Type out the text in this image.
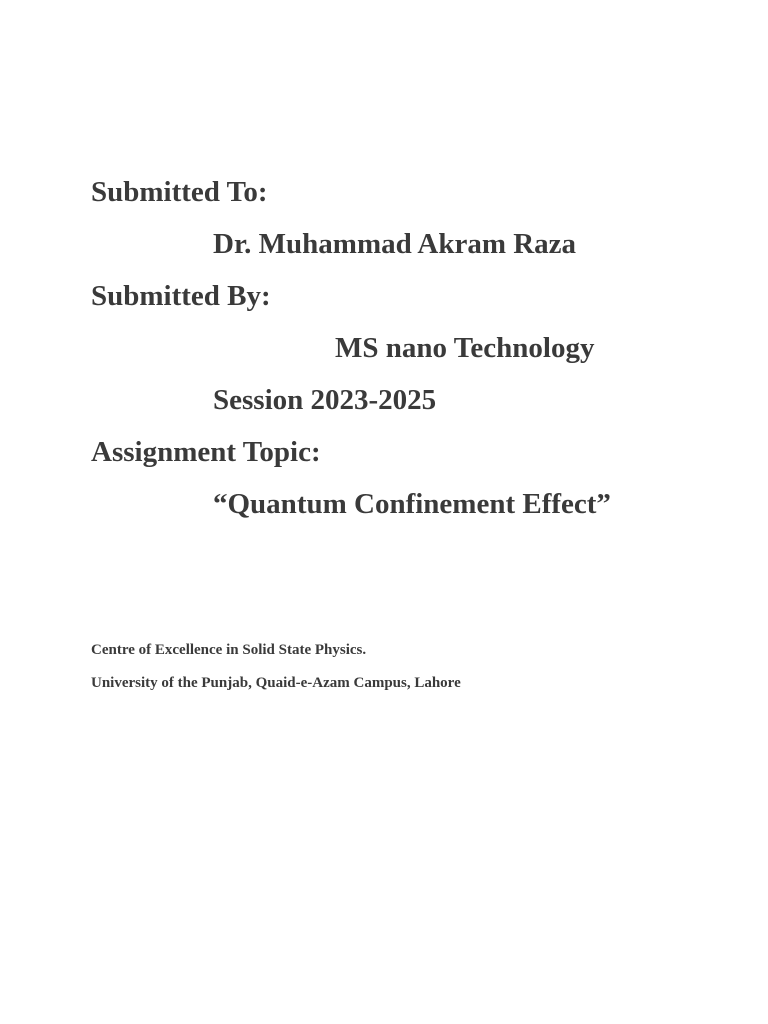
Submitted To:
Dr. Muhammad Akram Raza
Submitted By:
MS nano Technology
Session 2023-2025
Assignment Topic:
“Quantum Confinement Effect”
Centre of Excellence in Solid State Physics.
University of the Punjab, Quaid-e-Azam Campus, Lahore
